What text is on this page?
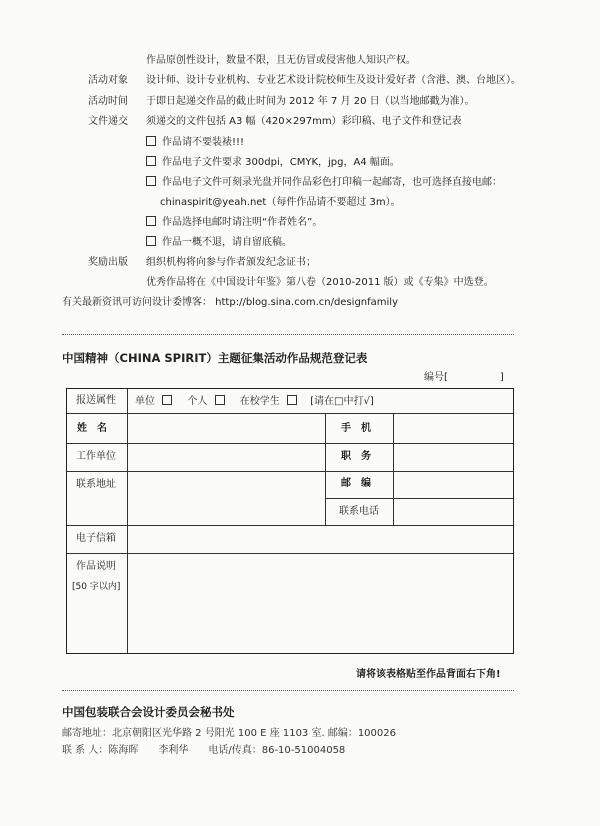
作品原创性设计，数量不限，且无仿冒或侵害他人知识产权。
活动对象 设计师、设计专业机构、专业艺术设计院校师生及设计爱好者（含港、澳、台地区）。
活动时间 于即日起递交作品的截止时间为 2012 年 7 月 20 日（以当地邮戳为准）。
文件递交 须递交的文件包括 A3 幅（420×297mm）彩印稿、电子文件和登记表
作品请不要装裱!!!
作品电子文件要求 300dpi，CMYK，jpg，A4 幅面。
作品电子文件可刻录光盘并同作品彩色打印稿一起邮寄，也可选择直接电邮：
chinaspirit@yeah.net（每件作品请不要超过 3m）。
作品选择电邮时请注明“作者姓名”。
作品一概不退，请自留底稿。
奖励出版 组织机构将向参与作者颁发纪念证书；
优秀作品将在《中国设计年鉴》第八卷（2010-2011 版）或《专集》中选登。
有关最新资讯可访问设计委博客： http://blog.sina.com.cn/designfamily
中国精神（CHINA SPIRIT）主题征集活动作品规范登记表
编号[	]
报送属性 单位	个人	在校学生	[请在□中打√]
姓　名	手　机
工作单位	职　务
联系地址	邮　编
联系电话
电子信箱
作品说明
[50 字以内]
请将该表格贴至作品背面右下角!
中国包装联合会设计委员会秘书处
邮寄地址：北京朝阳区光华路 2 号阳光 100 E 座 1103 室. 邮编：100026
联 系 人：陈海晖　　李利华　　电话/传真：86-10-51004058
